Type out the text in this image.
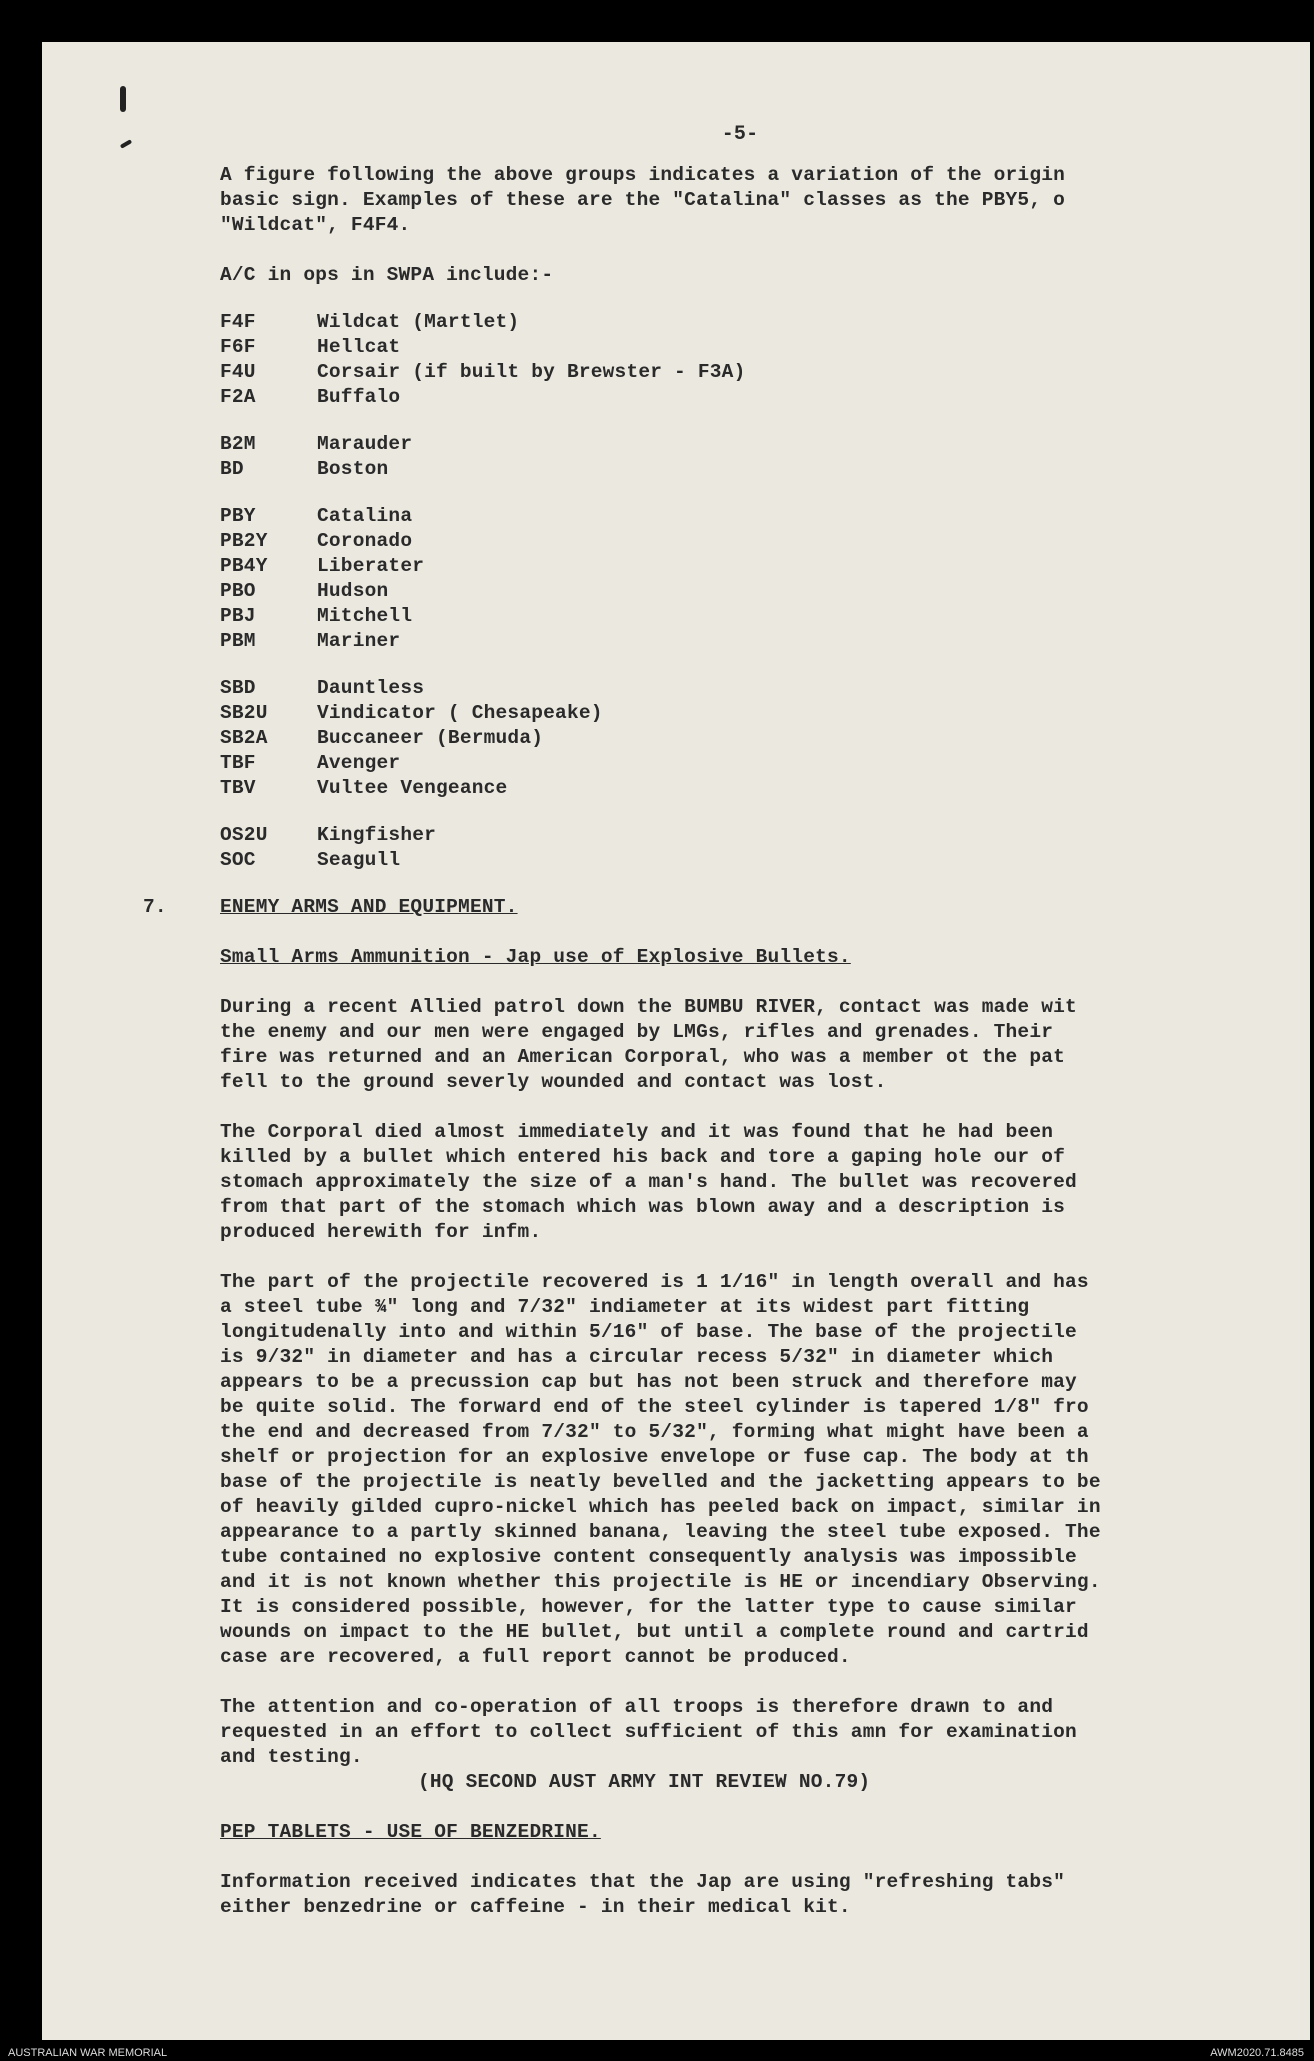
-5-

A figure following the above groups indicates a variation of the origin

basic sign. Examples of these are the "Catalina" classes as the PBY5, o

"Wildcat", F4F4.

A/C in ops in SWPA include:-

F4F	Wildcat (Martlet)
F6F	Hellcat
F4U	Corsair (if built by Brewster - F3A)
F2A	Buffalo
B2M	Marauder
BD	Boston
PBY	Catalina
PB2Y	Coronado
PB4Y	Liberater
PBO	Hudson
PBJ	Mitchell
PBM	Mariner
SBD	Dauntless
SB2U	Vindicator ( Chesapeake)
SB2A	Buccaneer (Bermuda)
TBF	Avenger
TBV	Vultee Vengeance
OS2U	Kingfisher
SOC	Seagull
7.	ENEMY ARMS AND EQUIPMENT.

Small Arms Ammunition - Jap use of Explosive Bullets.

During a recent Allied patrol down the BUMBU RIVER, contact was made wit

the enemy and our men were engaged by LMGs, rifles and grenades. Their

fire was returned and an American Corporal, who was a member ot the pat

fell to the ground severly wounded and contact was lost.

The Corporal died almost immediately and it was found that he had been

killed by a bullet which entered his back and tore a gaping hole our of

stomach approximately the size of a man's hand. The bullet was recovered

from that part of the stomach which was blown away and a description is

produced herewith for infm.

The part of the projectile recovered is 1 1/16" in length overall and has

a steel tube ¾" long and 7/32" indiameter at its widest part fitting

longitudenally into and within 5/16" of base. The base of the projectile

is 9/32" in diameter and has a circular recess 5/32" in diameter which

appears to be a precussion cap but has not been struck and therefore may

be quite solid. The forward end of the steel cylinder is tapered 1/8" fro

the end and decreased from 7/32" to 5/32", forming what might have been a

shelf or projection for an explosive envelope or fuse cap. The body at th

base of the projectile is neatly bevelled and the jacketting appears to be

of heavily gilded cupro-nickel which has peeled back on impact, similar in

appearance to a partly skinned banana, leaving the steel tube exposed. The

tube contained no explosive content consequently analysis was impossible

and it is not known whether this projectile is HE or incendiary Observing.

It is considered possible, however, for the latter type to cause similar

wounds on impact to the HE bullet, but until a complete round and cartrid

case are recovered, a full report cannot be produced.

The attention and co-operation of all troops is therefore drawn to and

requested in an effort to collect sufficient of this amn for examination

and testing.

(HQ SECOND AUST ARMY INT REVIEW NO.79)

PEP TABLETS - USE OF BENZEDRINE.

Information received indicates that the Jap are using "refreshing tabs"

either benzedrine or caffeine - in their medical kit.

AUSTRALIAN WAR MEMORIAL	AWM2020.71.8485
